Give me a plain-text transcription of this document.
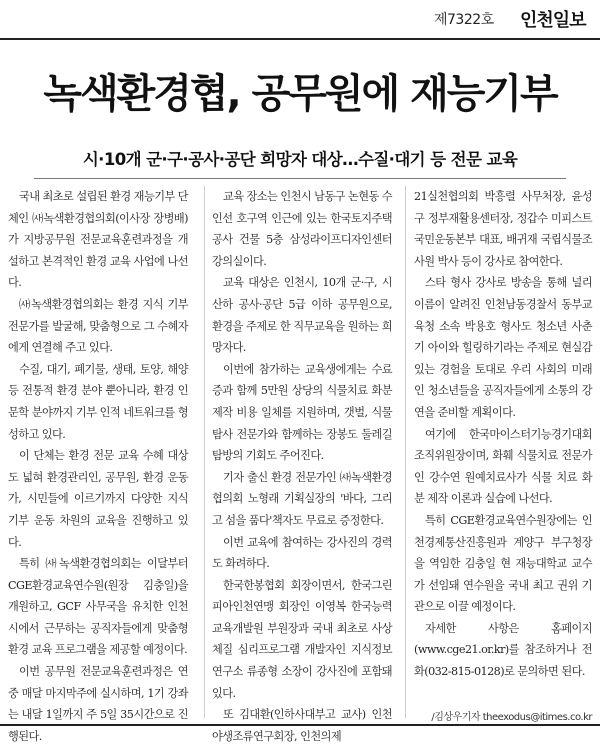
제7322호 인천일보
녹색환경협, 공무원에 재능기부
시·10개 군·구·공사·공단 희망자 대상…수질·대기 등 전문 교육

국내 최초로 설립된 환경 재능기부 단체인 ㈔녹색환경협의회(이사장 장병배)가 지방공무원 전문교육훈련과정을 개설하고 본격적인 환경 교육 사업에 나선다.

㈔녹색환경협의회는 환경 지식 기부 전문가를 발굴해, 맞춤형으로 그 수혜자에게 연결해 주고 있다.

수질, 대기, 폐기물, 생태, 토양, 해양 등 전통적 환경 분야 뿐아니라, 환경 인문학 분야까지 기부 인적 네트워크를 형성하고 있다.

이 단체는 환경 전문 교육 수혜 대상도 넓혀 환경관리인, 공무원, 환경 운동가, 시민들에 이르기까지 다양한 지식 기부 운동 차원의 교육을 진행하고 있다.

특히 ㈔녹색환경협의회는 이달부터 CGE환경교육연수원(원장 김충일)을 개원하고, GCF 사무국을 유치한 인천시에서 근무하는 공직자들에게 맞춤형 환경 교육 프로그램을 제공할 예정이다.

이번 공무원 전문교육훈련과정은 연중 매달 마지막주에 실시하며, 1기 강좌는 내달 1일까지 주 5일 35시간으로 진행된다.

교육 장소는 인천시 남동구 논현동 수인선 호구역 인근에 있는 한국토지주택공사 건물 5층 삼성라이프디자인센터 강의실이다.

교육 대상은 인천시, 10개 군·구, 시 산하 공사·공단 5급 이하 공무원으로, 환경을 주제로 한 직무교육을 원하는 희망자다.

이번에 참가하는 교육생에게는 수료증과 함께 5만원 상당의 식물치료 화분 제작 비용 일체를 지원하며, 갯벌, 식물 탐사 전문가와 함께하는 장봉도 둘레길 탐방의 기회도 주어진다.

기자 출신 환경 전문가인 ㈔녹색환경협의회 노형래 기획실장의 '바다, 그리고 섬을 품다'책자도 무료로 증정한다.

이번 교육에 참여하는 강사진의 경력도 화려하다.

한국한봉협회 회장이면서, 한국그린피아인천연맹 회장인 이영복 한국능력교육개발원 부원장과 국내 최초로 사상체질 심리프로그램 개발자인 지식정보연구소 류종형 소장이 강사진에 포함돼 있다.

또 김대환(인하사대부고 교사) 인천야생조류연구회장, 인천의제

21실천협의회 박흥렬 사무처장, 윤성구 정부재활용센터장, 정갑수 미피스트국민운동본부 대표, 배귀재 국립식물조사원 박사 등이 강사로 참여한다.

스타 형사 강사로 방송을 통해 널리 이름이 알려진 인천남동경찰서 동부교육청 소속 박용호 형사도 청소년 사춘기 아이와 힐링하기라는 주제로 현실감있는 경험을 토대로 우리 사회의 미래인 청소년들을 공직자들에게 소통의 강연을 준비할 계획이다.

여기에 한국마이스터기능경기대회 조직위원장이며, 화훼 식물치료 전문가인 강수연 원예치료사가 식물 치료 화분 제작 이론과 실습에 나선다.

특히 CGE환경교육연수원장에는 인천경제통산진흥원과 계양구 부구청장을 역임한 김충일 현 재능대학교 교수가 선임돼 연수원을 국내 최고 권위 기관으로 이끌 예정이다.

자세한 사항은 홈페이지(www.cge21.or.kr)를 참조하거나 전화(032-815-0128)로 문의하면 된다.

/김상우기자 theexodus@itimes.co.kr
